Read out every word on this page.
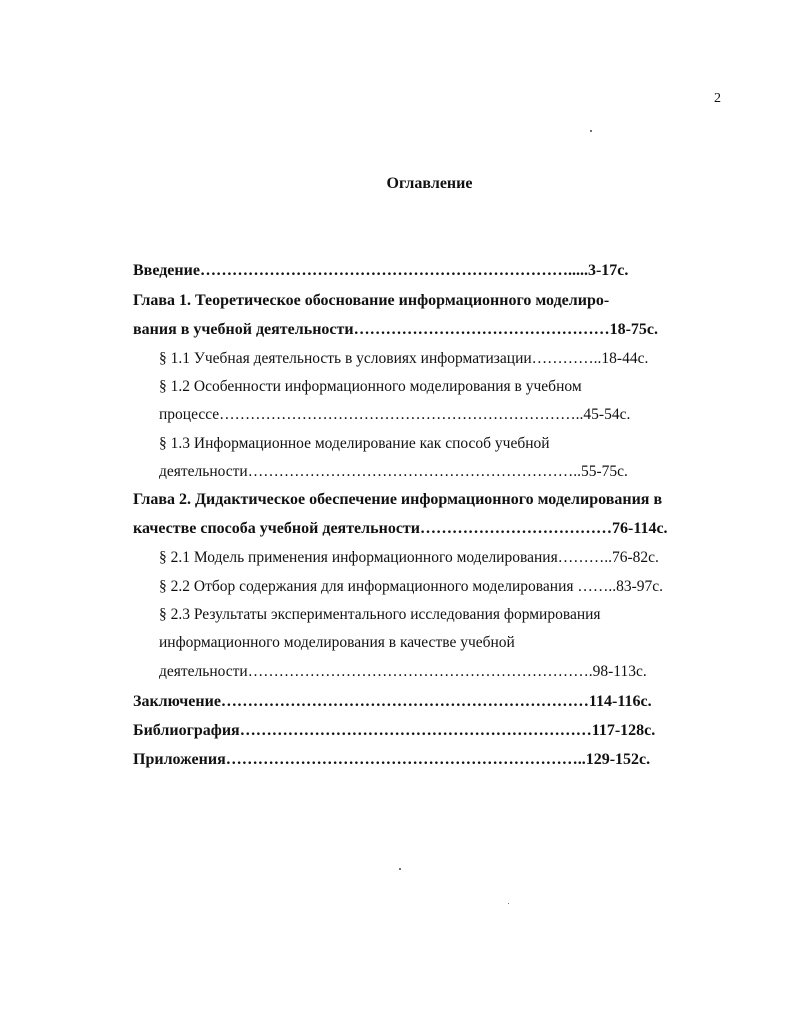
2
Оглавление
Введение…………………………………………………………….....3-17с.
Глава 1. Теоретическое обоснование информационного моделиро-
вания в учебной деятельности…………………………………………18-75с.
§ 1.1 Учебная деятельность в условиях информатизации…………..18-44с.
§ 1.2 Особенности информационного моделирования в учебном
процессе……………………………………………………………..45-54с.
§ 1.3 Информационное моделирование как способ учебной
деятельности………………………………………………………..55-75с.
Глава 2. Дидактическое обеспечение информационного моделирования в
качестве способа учебной деятельности………………………………76-114с.
§ 2.1 Модель применения информационного моделирования………..76-82с.
§ 2.2 Отбор содержания для информационного моделирования ……..83-97с.
§ 2.3 Результаты экспериментального исследования формирования
информационного моделирования в качестве учебной
деятельности………………………………………………………….98-113с.
Заключение……………………………………………………………114-116с.
Библиография…………………………………………………………117-128с.
Приложения…………………………………………………………..129-152с.
